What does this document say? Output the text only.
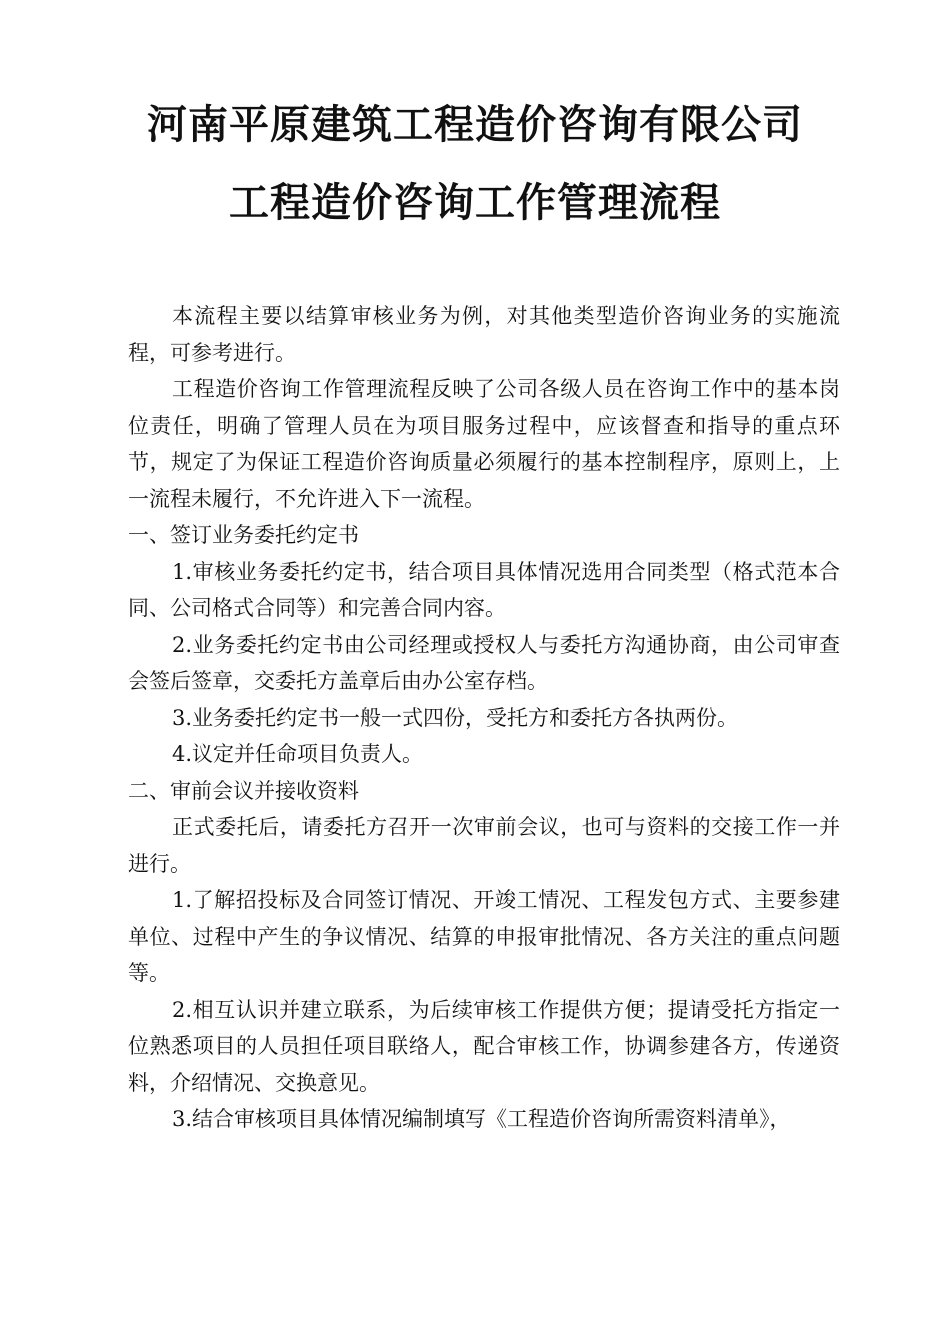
河南平原建筑工程造价咨询有限公司
工程造价咨询工作管理流程

本流程主要以结算审核业务为例，对其他类型造价咨询业务的实施流程，可参考进行。

工程造价咨询工作管理流程反映了公司各级人员在咨询工作中的基本岗位责任，明确了管理人员在为项目服务过程中，应该督查和指导的重点环节，规定了为保证工程造价咨询质量必须履行的基本控制程序，原则上，上一流程未履行，不允许进入下一流程。

一、签订业务委托约定书

1.审核业务委托约定书，结合项目具体情况选用合同类型（格式范本合同、公司格式合同等）和完善合同内容。

2.业务委托约定书由公司经理或授权人与委托方沟通协商，由公司审查会签后签章，交委托方盖章后由办公室存档。

3.业务委托约定书一般一式四份，受托方和委托方各执两份。

4.议定并任命项目负责人。

二、审前会议并接收资料

正式委托后，请委托方召开一次审前会议，也可与资料的交接工作一并进行。

1.了解招投标及合同签订情况、开竣工情况、工程发包方式、主要参建单位、过程中产生的争议情况、结算的申报审批情况、各方关注的重点问题等。

2.相互认识并建立联系，为后续审核工作提供方便；提请受托方指定一位熟悉项目的人员担任项目联络人，配合审核工作，协调参建各方，传递资料，介绍情况、交换意见。

3.结合审核项目具体情况编制填写《工程造价咨询所需资料清单》，
